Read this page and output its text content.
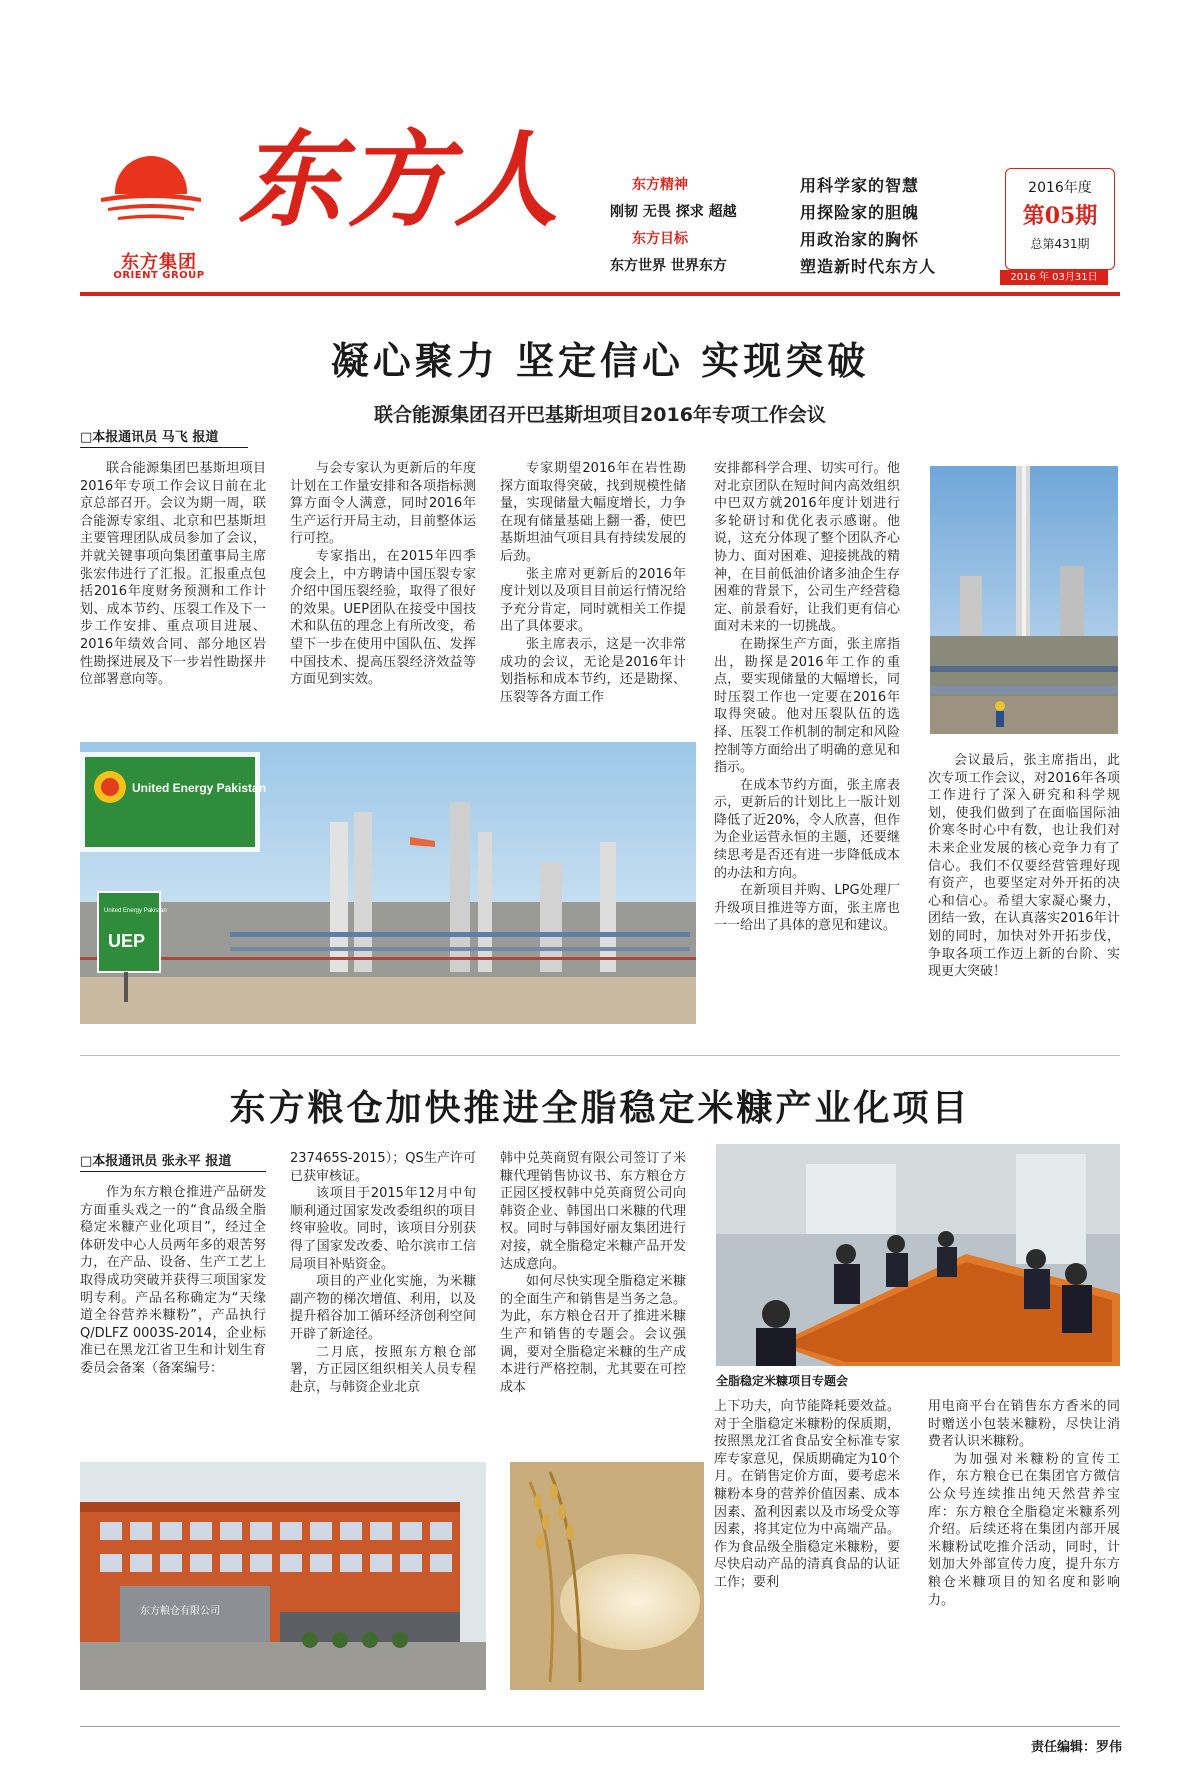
东方集团
ORIENT GROUP
东方人	东方精神
刚韧 无畏 探求 超越
东方目标
东方世界 世界东方
用科学家的智慧
用探险家的胆魄
用政治家的胸怀
塑造新时代东方人
2016年度
第05期
总第431期
2016 年 03月31日
凝心聚力 坚定信心 实现突破
联合能源集团召开巴基斯坦项目2016年专项工作会议
□本报通讯员 马飞 报道

联合能源集团巴基斯坦项目2016年专项工作会议日前在北京总部召开。会议为期一周，联合能源专家组、北京和巴基斯坦主要管理团队成员参加了会议，并就关键事项向集团董事局主席张宏伟进行了汇报。汇报重点包括2016年度财务预测和工作计划、成本节约、压裂工作及下一步工作安排、重点项目进展、2016年绩效合同、部分地区岩性勘探进展及下一步岩性勘探井位部署意向等。

与会专家认为更新后的年度计划在工作量安排和各项指标测算方面令人满意，同时2016年生产运行开局主动，目前整体运行可控。

专家指出，在2015年四季度会上，中方聘请中国压裂专家介绍中国压裂经验，取得了很好的效果。UEP团队在接受中国技术和队伍的理念上有所改变，希望下一步在使用中国队伍、发挥中国技术、提高压裂经济效益等方面见到实效。

专家期望2016年在岩性勘探方面取得突破，找到规模性储量，实现储量大幅度增长，力争在现有储量基础上翻一番，使巴基斯坦油气项目具有持续发展的后劲。

张主席对更新后的2016年度计划以及项目目前运行情况给予充分肯定，同时就相关工作提出了具体要求。

张主席表示，这是一次非常成功的会议，无论是2016年计划指标和成本节约，还是勘探、压裂等各方面工作

安排都科学合理、切实可行。他对北京团队在短时间内高效组织中巴双方就2016年度计划进行多轮研讨和优化表示感谢。他说，这充分体现了整个团队齐心协力、面对困难、迎接挑战的精神，在目前低油价诸多油企生存困难的背景下，公司生产经营稳定、前景看好，让我们更有信心面对未来的一切挑战。

在勘探生产方面，张主席指出，勘探是2016年工作的重点，要实现储量的大幅增长，同时压裂工作也一定要在2016年取得突破。他对压裂队伍的选择、压裂工作机制的制定和风险控制等方面给出了明确的意见和指示。

在成本节约方面，张主席表示，更新后的计划比上一版计划降低了近20%，令人欣喜，但作为企业运营永恒的主题，还要继续思考是否还有进一步降低成本的办法和方向。

在新项目并购、LPG处理厂升级项目推进等方面，张主席也一一给出了具体的意见和建议。

会议最后，张主席指出，此次专项工作会议，对2016年各项工作进行了深入研究和科学规划，使我们做到了在面临国际油价寒冬时心中有数，也让我们对未来企业发展的核心竞争力有了信心。我们不仅要经营管理好现有资产，也要坚定对外开拓的决心和信心。希望大家凝心聚力，团结一致，在认真落实2016年计划的同时，加快对外开拓步伐，争取各项工作迈上新的台阶、实现更大突破！

United Energy Pakistan
United Energy Pakistan
UEP
东方粮仓加快推进全脂稳定米糠产业化项目
□本报通讯员 张永平 报道

作为东方粮仓推进产品研发方面重头戏之一的“食品级全脂稳定米糠产业化项目”，经过全体研发中心人员两年多的艰苦努力，在产品、设备、生产工艺上取得成功突破并获得三项国家发明专利。产品名称确定为“天缘道全谷营养米糠粉”，产品执行Q/DLFZ 0003S-2014，企业标准已在黑龙江省卫生和计划生育委员会备案（备案编号：

237465S-2015）；QS生产许可已获审核证。

该项目于2015年12月中旬顺利通过国家发改委组织的项目终审验收。同时，该项目分别获得了国家发改委、哈尔滨市工信局项目补贴资金。

项目的产业化实施，为米糠副产物的梯次增值、利用，以及提升稻谷加工循环经济创利空间开辟了新途径。

二月底，按照东方粮仓部署，方正园区组织相关人员专程赴京，与韩资企业北京

韩中兑英商贸有限公司签订了米糠代理销售协议书、东方粮仓方正园区授权韩中兑英商贸公司向韩资企业、韩国出口米糠的代理权。同时与韩国好丽友集团进行对接，就全脂稳定米糠产品开发达成意向。

如何尽快实现全脂稳定米糠的全面生产和销售是当务之急。为此，东方粮仓召开了推进米糠生产和销售的专题会。会议强调，要对全脂稳定米糠的生产成本进行严格控制，尤其要在可控成本	全脂稳定米糠项目专题会

上下功夫，向节能降耗要效益。对于全脂稳定米糠粉的保质期，按照黑龙江省食品安全标准专家库专家意见，保质期确定为10个月。在销售定价方面，要考虑米糠粉本身的营养价值因素、成本因素、盈利因素以及市场受众等因素，将其定位为中高端产品。作为食品级全脂稳定米糠粉，要尽快启动产品的清真食品的认证工作；要利

用电商平台在销售东方香米的同时赠送小包装米糠粉，尽快让消费者认识米糠粉。

为加强对米糠粉的宣传工作，东方粮仓已在集团官方微信公众号连续推出纯天然营养宝库：东方粮仓全脂稳定米糠系列介绍。后续还将在集团内部开展米糠粉试吃推介活动，同时，计划加大外部宣传力度，提升东方粮仓米糠项目的知名度和影响力。

东方粮仓有限公司
责任编辑：罗伟
